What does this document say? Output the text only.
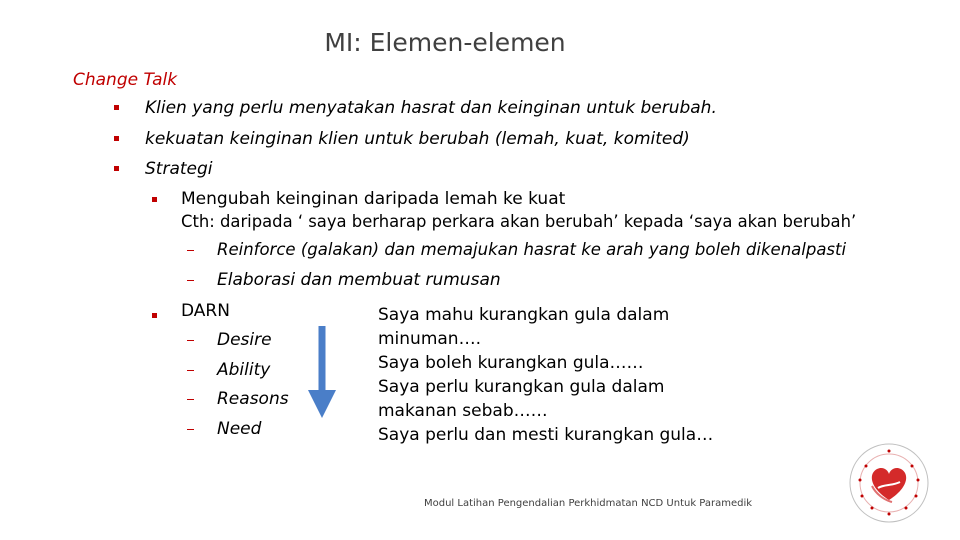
MI: Elemen-elemen
Change Talk
Klien yang perlu menyatakan hasrat dan keinginan untuk berubah.
kekuatan keinginan klien untuk berubah (lemah, kuat, komited)
Strategi
Mengubah keinginan daripada lemah ke kuat
Cth: daripada ‘ saya berharap perkara akan berubah’ kepada ‘saya akan berubah’
Reinforce (galakan) dan memajukan hasrat ke arah yang boleh dikenalpasti
Elaborasi dan membuat rumusan
DARN
Desire
Ability
Reasons
Need
Saya mahu kurangkan gula dalam
minuman….
Saya boleh kurangkan gula……
Saya perlu kurangkan gula dalam
makanan sebab……
Saya perlu dan mesti kurangkan gula…
Modul Latihan Pengendalian Perkhidmatan NCD Untuk Paramedik
